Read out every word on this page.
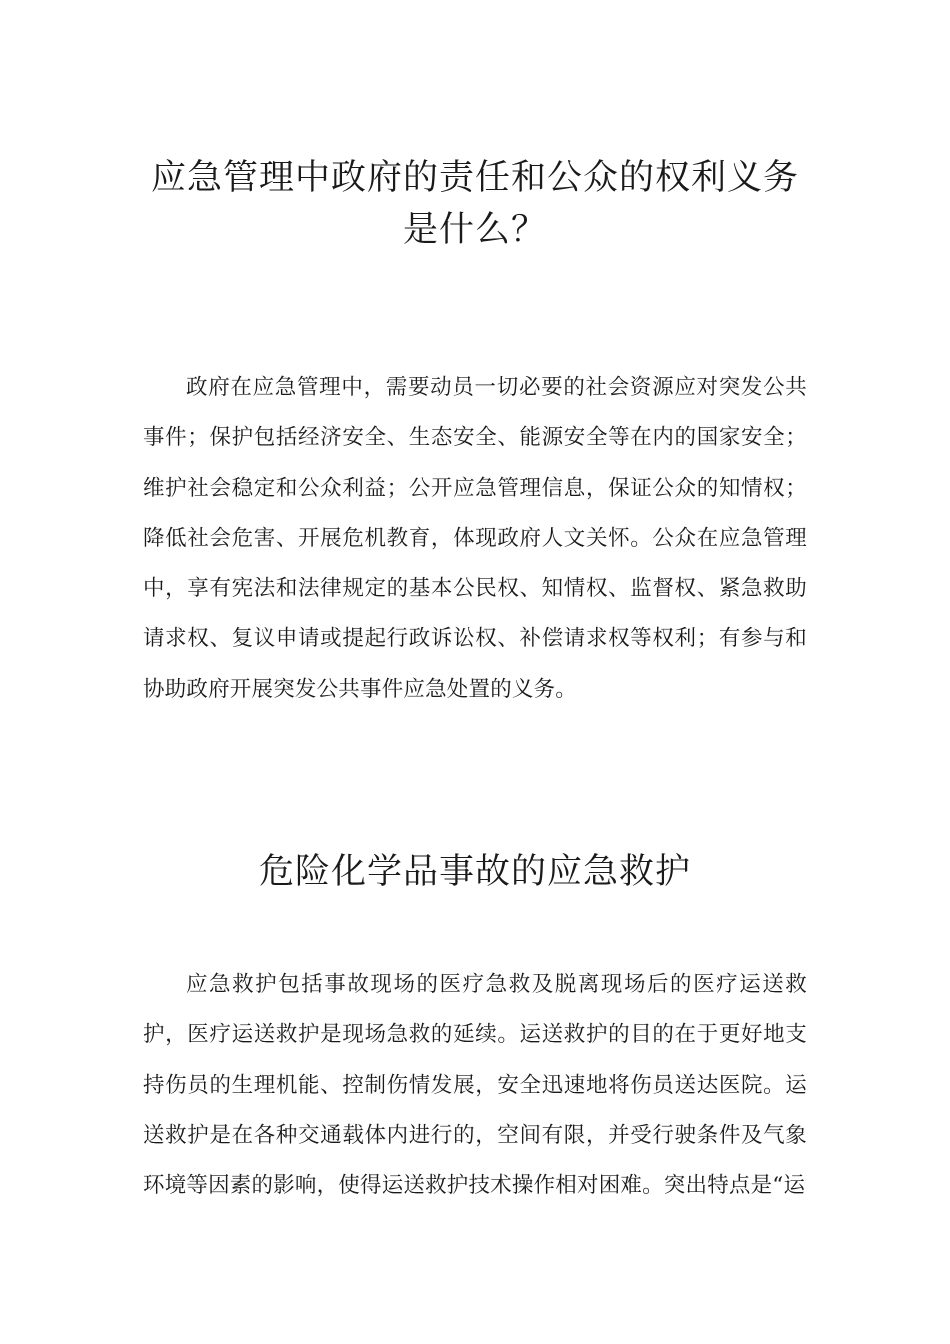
应急管理中政府的责任和公众的权利义务是什么？

政府在应急管理中，需要动员一切必要的社会资源应对突发公共事件；保护包括经济安全、生态安全、能源安全等在内的国家安全；维护社会稳定和公众利益；公开应急管理信息，保证公众的知情权；降低社会危害、开展危机教育，体现政府人文关怀。公众在应急管理中，享有宪法和法律规定的基本公民权、知情权、监督权、紧急救助请求权、复议申请或提起行政诉讼权、补偿请求权等权利；有参与和协助政府开展突发公共事件应急处置的义务。

危险化学品事故的应急救护

应急救护包括事故现场的医疗急救及脱离现场后的医疗运送救护，医疗运送救护是现场急救的延续。运送救护的目的在于更好地支持伤员的生理机能、控制伤情发展，安全迅速地将伤员送达医院。运送救护是在各种交通载体内进行的，空间有限，并受行驶条件及气象环境等因素的影响，使得运送救护技术操作相对困难。突出特点是“运
